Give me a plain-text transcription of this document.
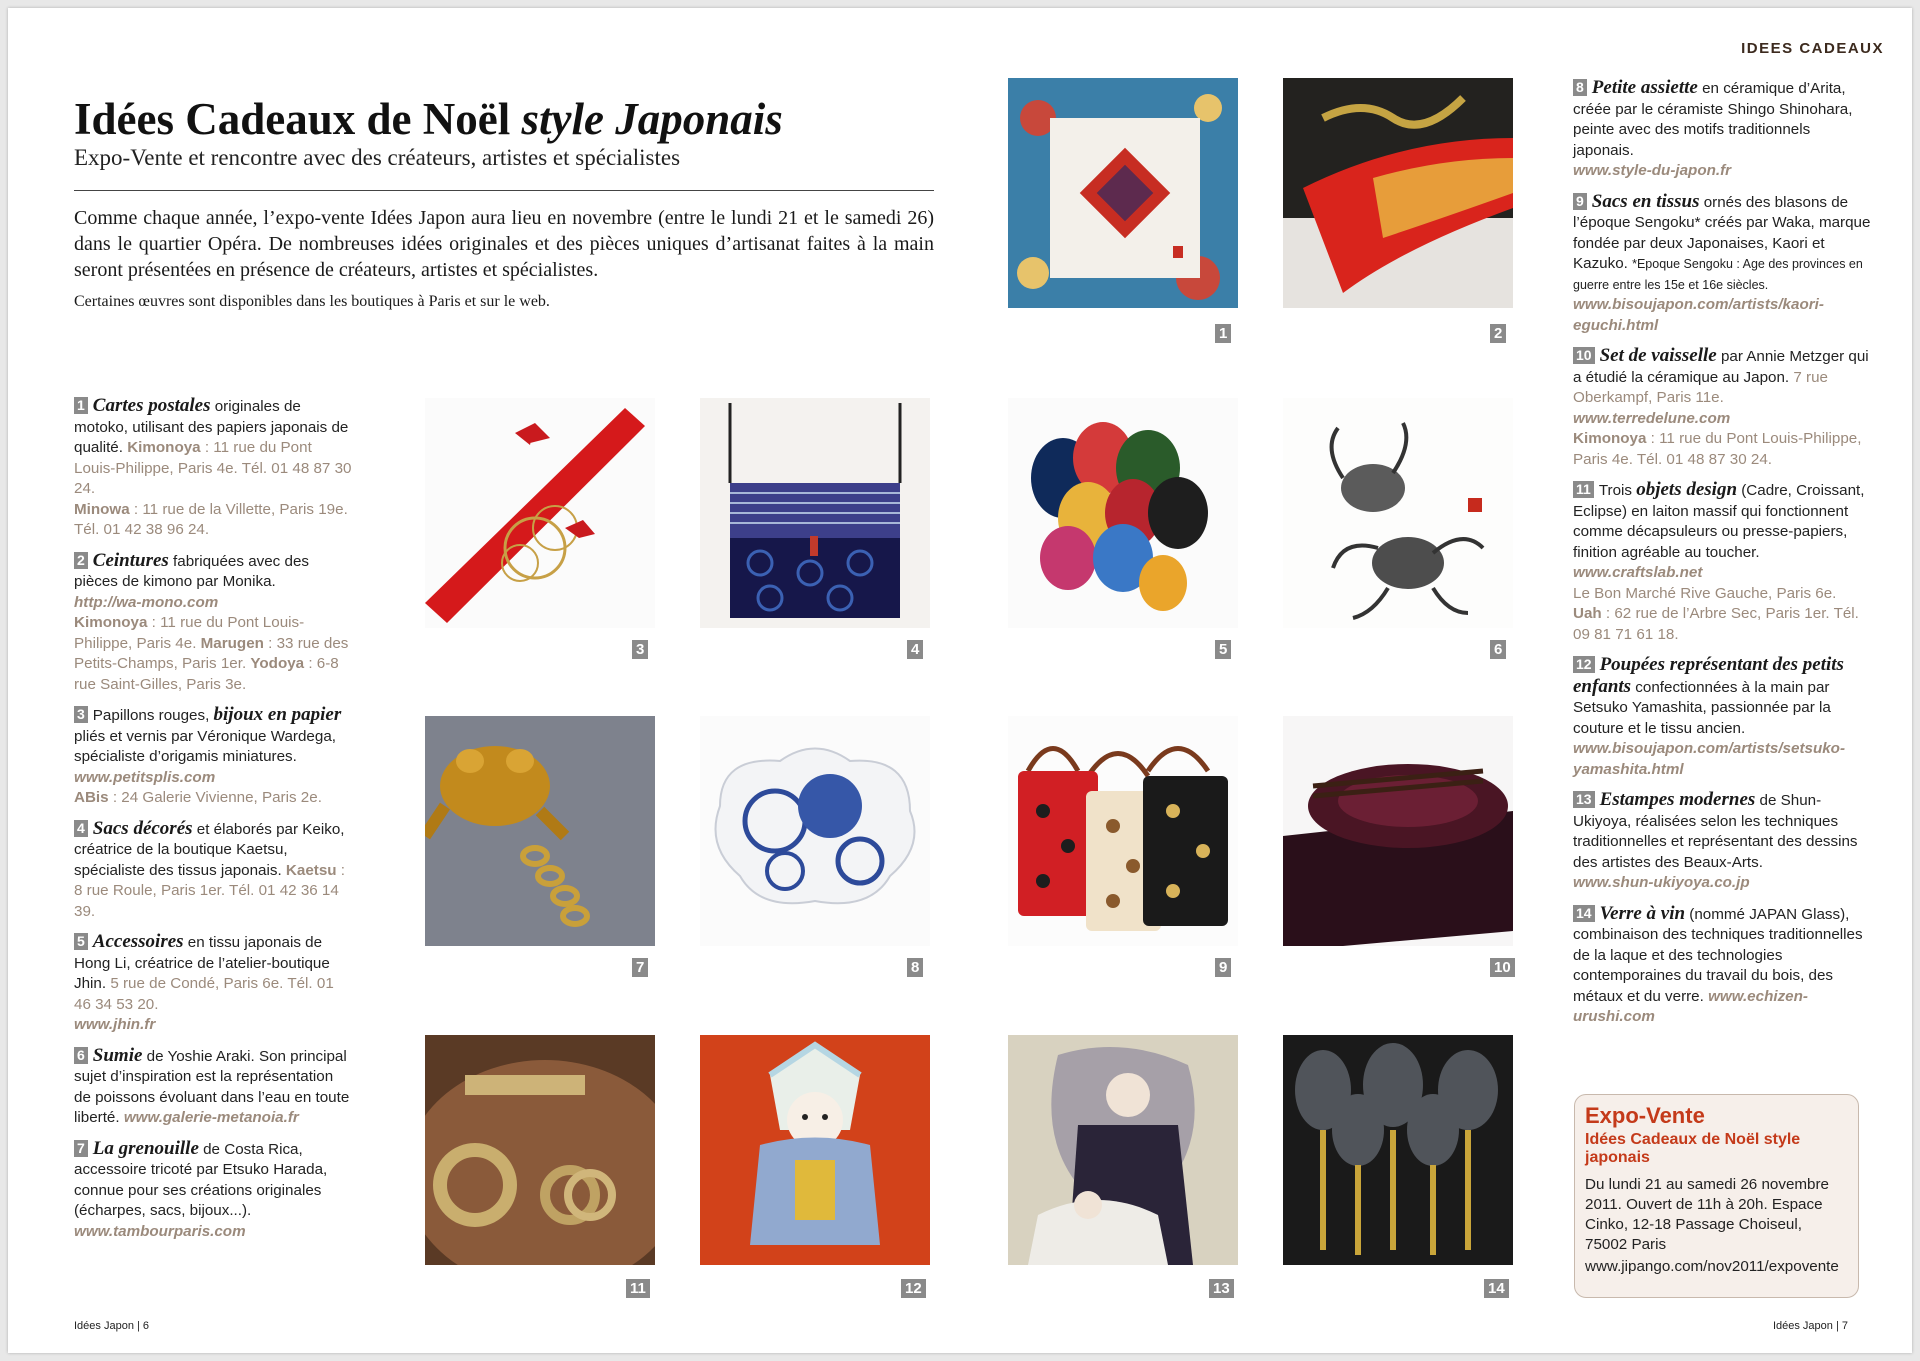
IDEES CADEAUX
Idées Cadeaux de Noël style Japonais
Expo-Vente et rencontre avec des créateurs, artistes et spécialistes

Comme chaque année, l’expo-vente Idées Japon aura lieu en novembre (entre le lundi 21 et le samedi 26) dans le quartier Opéra. De nombreuses idées originales et des pièces uniques d’artisanat faites à la main seront présentées en présence de créateurs, artistes et spécialistes.

Certaines œuvres sont disponibles dans les boutiques à Paris et sur le web.

1 Cartes postales originales de motoko, utilisant des papiers japonais de qualité. Kimonoya : 11 rue du Pont Louis-Philippe, Paris 4e. Tél. 01 48 87 30 24.
Minowa : 11 rue de la Villette, Paris 19e. Tél. 01 42 38 96 24.
2 Ceintures fabriquées avec des pièces de kimono par Monika.
http://wa-mono.com
Kimonoya : 11 rue du Pont Louis-Philippe, Paris 4e. Marugen : 33 rue des Petits-Champs, Paris 1er. Yodoya : 6-8 rue Saint-Gilles, Paris 3e.
3 Papillons rouges, bijoux en papier pliés et vernis par Véronique Wardega, spécialiste d’origamis miniatures.
www.petitsplis.com
ABis : 24 Galerie Vivienne, Paris 2e.
4 Sacs décorés et élaborés par Keiko, créatrice de la boutique Kaetsu, spécialiste des tissus japonais. Kaetsu : 8 rue Roule, Paris 1er. Tél. 01 42 36 14 39.
5 Accessoires en tissu japonais de Hong Li, créatrice de l’atelier-boutique Jhin. 5 rue de Condé, Paris 6e. Tél. 01 46 34 53 20.
www.jhin.fr
6 Sumie de Yoshie Araki. Son principal sujet d’inspiration est la représentation de poissons évoluant dans l’eau en toute liberté. www.galerie-metanoia.fr
7 La grenouille de Costa Rica, accessoire tricoté par Etsuko Harada, connue pour ses créations originales (écharpes, sacs, bijoux...).
www.tambourparis.com
8 Petite assiette en céramique d’Arita, créée par le céramiste Shingo Shinohara, peinte avec des motifs traditionnels japonais.
www.style-du-japon.fr
9 Sacs en tissus ornés des blasons de l’époque Sengoku* créés par Waka, marque fondée par deux Japonaises, Kaori et Kazuko. *Epoque Sengoku : Age des provinces en guerre entre les 15e et 16e siècles. www.bisoujapon.com/artists/kaori-eguchi.html
10 Set de vaisselle par Annie Metzger qui a étudié la céramique au Japon. 7 rue Oberkampf, Paris 11e.
www.terredelune.com
Kimonoya : 11 rue du Pont Louis-Philippe, Paris 4e. Tél. 01 48 87 30 24.
11 Trois objets design (Cadre, Croissant, Eclipse) en laiton massif qui fonctionnent comme décapsuleurs ou presse-papiers, finition agréable au toucher.
www.craftslab.net
Le Bon Marché Rive Gauche, Paris 6e.
Uah : 62 rue de l’Arbre Sec, Paris 1er. Tél. 09 81 71 61 18.
12 Poupées représentant des petits enfants confectionnées à la main par Setsuko Yamashita, passionnée par la couture et le tissu ancien. www.bisoujapon.com/artists/setsuko-yamashita.html
13 Estampes modernes de Shun-Ukiyoya, réalisées selon les techniques traditionnelles et représentant des dessins des artistes des Beaux-Arts.
www.shun-ukiyoya.co.jp
14 Verre à vin (nommé JAPAN Glass), combinaison des techniques traditionnelles de la laque et des technologies contemporaines du travail du bois, des métaux et du verre. www.echizen-urushi.com
1	2
3	4	5	6
7	8	9	10
11	12	13	14
Expo-Vente
Idées Cadeaux de Noël style japonais
Du lundi 21 au samedi 26 novembre 2011. Ouvert de 11h à 20h. Espace Cinko, 12-18 Passage Choiseul, 75002 Paris
www.jipango.com/nov2011/expovente
Idées Japon | 6	Idées Japon | 7
